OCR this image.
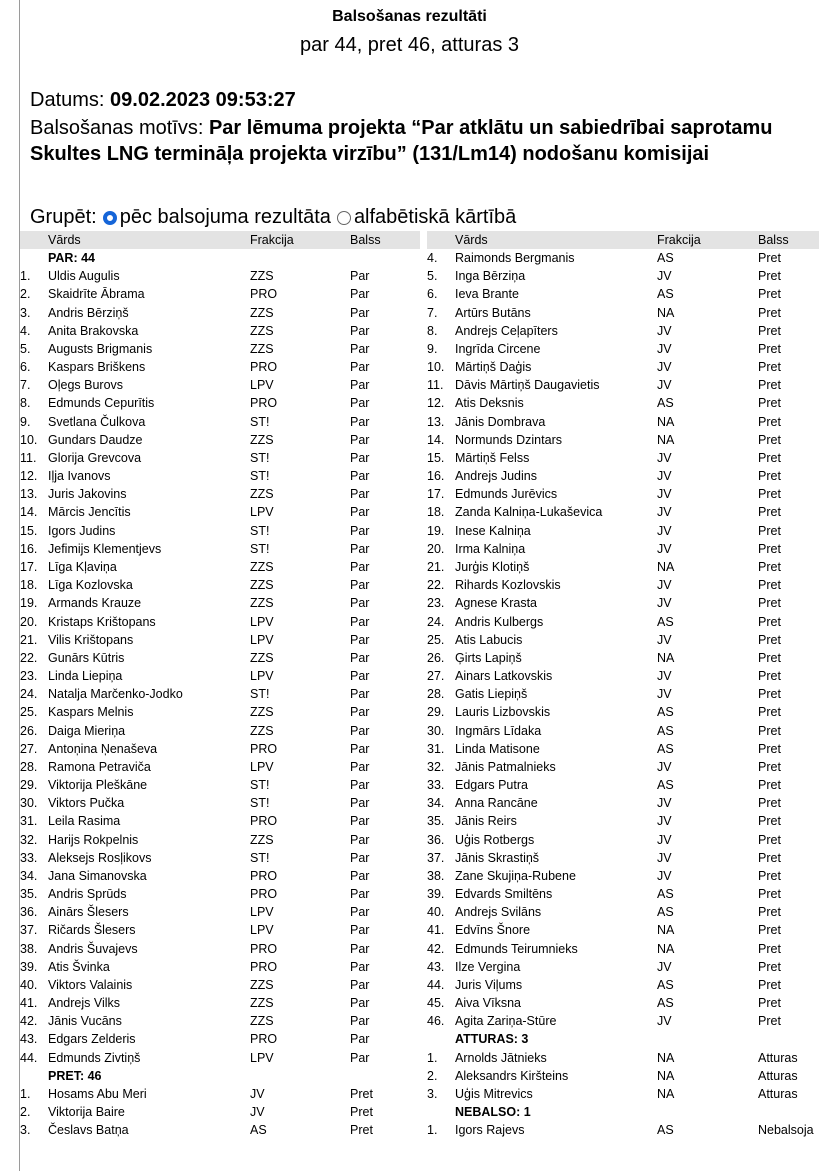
Balsošanas rezultāti
par 44, pret 46, atturas 3
Datums: 09.02.2023 09:53:27
Balsošanas motīvs: Par lēmuma projekta “Par atklātu un sabiedrībai saprotamu Skultes LNG termināļa projekta virzību” (131/Lm14) nodošanu komisijai
Grupēt: pēc balsojuma rezultāta alfabētiskā kārtībā
	Vārds	Frakcija	Balss
	PAR: 44		
1.	Uldis Augulis	ZZS	Par
2.	Skaidrīte Ābrama	PRO	Par
3.	Andris Bērziņš	ZZS	Par
4.	Anita Brakovska	ZZS	Par
5.	Augusts Brigmanis	ZZS	Par
6.	Kaspars Briškens	PRO	Par
7.	Oļegs Burovs	LPV	Par
8.	Edmunds Cepurītis	PRO	Par
9.	Svetlana Čulkova	ST!	Par
10.	Gundars Daudze	ZZS	Par
11.	Glorija Grevcova	ST!	Par
12.	Iļja Ivanovs	ST!	Par
13.	Juris Jakovins	ZZS	Par
14.	Mārcis Jencītis	LPV	Par
15.	Igors Judins	ST!	Par
16.	Jefimijs Klementjevs	ST!	Par
17.	Līga Kļaviņa	ZZS	Par
18.	Līga Kozlovska	ZZS	Par
19.	Armands Krauze	ZZS	Par
20.	Kristaps Krištopans	LPV	Par
21.	Vilis Krištopans	LPV	Par
22.	Gunārs Kūtris	ZZS	Par
23.	Linda Liepiņa	LPV	Par
24.	Natalja Marčenko-Jodko	ST!	Par
25.	Kaspars Melnis	ZZS	Par
26.	Daiga Mieriņa	ZZS	Par
27.	Antoņina Ņenaševa	PRO	Par
28.	Ramona Petraviča	LPV	Par
29.	Viktorija Pleškāne	ST!	Par
30.	Viktors Pučka	ST!	Par
31.	Leila Rasima	PRO	Par
32.	Harijs Rokpelnis	ZZS	Par
33.	Aleksejs Rosļikovs	ST!	Par
34.	Jana Simanovska	PRO	Par
35.	Andris Sprūds	PRO	Par
36.	Ainārs Šlesers	LPV	Par
37.	Ričards Šlesers	LPV	Par
38.	Andris Šuvajevs	PRO	Par
39.	Atis Švinka	PRO	Par
40.	Viktors Valainis	ZZS	Par
41.	Andrejs Vilks	ZZS	Par
42.	Jānis Vucāns	ZZS	Par
43.	Edgars Zelderis	PRO	Par
44.	Edmunds Zivtiņš	LPV	Par
	PRET: 46		
1.	Hosams Abu Meri	JV	Pret
2.	Viktorija Baire	JV	Pret
3.	Česlavs Batņa	AS	Pret
	Vārds	Frakcija	Balss
4.	Raimonds Bergmanis	AS	Pret
5.	Inga Bērziņa	JV	Pret
6.	Ieva Brante	AS	Pret
7.	Artūrs Butāns	NA	Pret
8.	Andrejs Ceļapīters	JV	Pret
9.	Ingrīda Circene	JV	Pret
10.	Mārtiņš Daģis	JV	Pret
11.	Dāvis Mārtiņš Daugavietis	JV	Pret
12.	Atis Deksnis	AS	Pret
13.	Jānis Dombrava	NA	Pret
14.	Normunds Dzintars	NA	Pret
15.	Mārtiņš Felss	JV	Pret
16.	Andrejs Judins	JV	Pret
17.	Edmunds Jurēvics	JV	Pret
18.	Zanda Kalniņa-Lukaševica	JV	Pret
19.	Inese Kalniņa	JV	Pret
20.	Irma Kalniņa	JV	Pret
21.	Jurģis Klotiņš	NA	Pret
22.	Rihards Kozlovskis	JV	Pret
23.	Agnese Krasta	JV	Pret
24.	Andris Kulbergs	AS	Pret
25.	Atis Labucis	JV	Pret
26.	Ģirts Lapiņš	NA	Pret
27.	Ainars Latkovskis	JV	Pret
28.	Gatis Liepiņš	JV	Pret
29.	Lauris Lizbovskis	AS	Pret
30.	Ingmārs Līdaka	AS	Pret
31.	Linda Matisone	AS	Pret
32.	Jānis Patmalnieks	JV	Pret
33.	Edgars Putra	AS	Pret
34.	Anna Rancāne	JV	Pret
35.	Jānis Reirs	JV	Pret
36.	Uģis Rotbergs	JV	Pret
37.	Jānis Skrastiņš	JV	Pret
38.	Zane Skujiņa-Rubene	JV	Pret
39.	Edvards Smiltēns	AS	Pret
40.	Andrejs Svilāns	AS	Pret
41.	Edvīns Šnore	NA	Pret
42.	Edmunds Teirumnieks	NA	Pret
43.	Ilze Vergina	JV	Pret
44.	Juris Viļums	AS	Pret
45.	Aiva Vīksna	AS	Pret
46.	Agita Zariņa-Stūre	JV	Pret
	ATTURAS: 3		
1.	Arnolds Jātnieks	NA	Atturas
2.	Aleksandrs Kiršteins	NA	Atturas
3.	Uģis Mitrevics	NA	Atturas
	NEBALSO: 1		
1.	Igors Rajevs	AS	Nebalsoja
